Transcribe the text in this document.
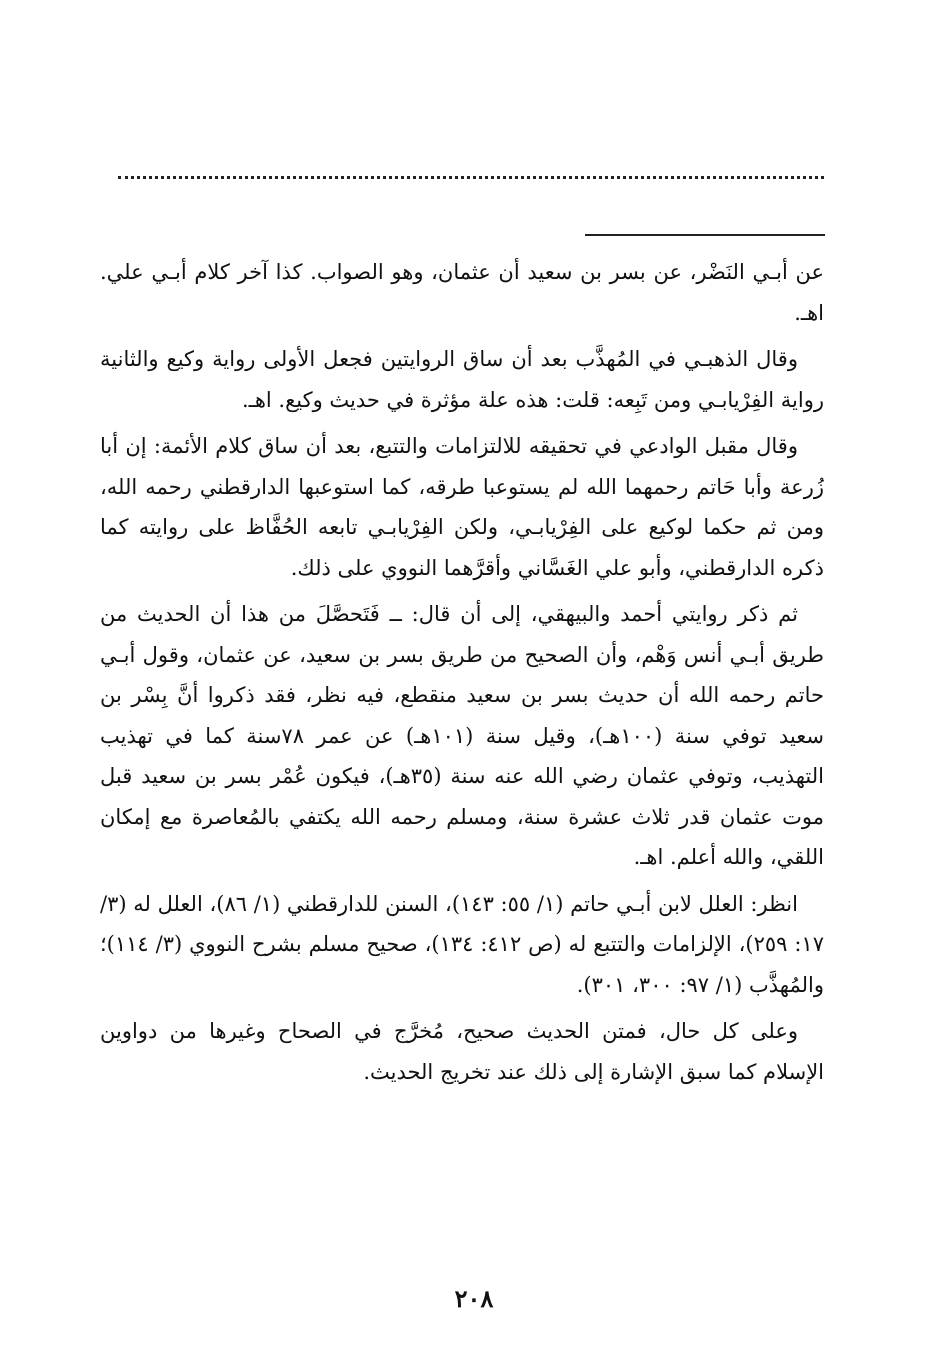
عن أبـي النَضْر، عن بسر بن سعيد أن عثمان، وهو الصواب. كذا آخر كلام أبـي علي. اهـ.

وقال الذهبـي في المُهذَّب بعد أن ساق الروايتين فجعل الأولى رواية وكيع والثانية رواية الفِرْيابـي ومن تَبِعه: قلت: هذه علة مؤثرة في حديث وكيع. اهـ.

وقال مقبل الوادعي في تحقيقه للالتزامات والتتبع، بعد أن ساق كلام الأئمة: إن أبا زُرعة وأبا حَاتم رحمهما الله لم يستوعبا طرقه، كما استوعبها الدارقطني رحمه الله، ومن ثم حكما لوكيع على الفِرْيابـي، ولكن الفِرْيابـي تابعه الحُفَّاظ على روايته كما ذكره الدارقطني، وأبو علي الغَسَّاني وأقرَّهما النووي على ذلك.

ثم ذكر روايتي أحمد والبيهقي، إلى أن قال: ــ فَتَحصَّلَ من هذا أن الحديث من طريق أبـي أنس وَهْم، وأن الصحيح من طريق بسر بن سعيد، عن عثمان، وقول أبـي حاتم رحمه الله أن حديث بسر بن سعيد منقطع، فيه نظر، فقد ذكروا أنَّ بِسْر بن سعيد توفي سنة (١٠٠هـ)، وقيل سنة (١٠١هـ) عن عمر ٧٨سنة كما في تهذيب التهذيب، وتوفي عثمان رضي الله عنه سنة (٣٥هـ)، فيكون عُمْر بسر بن سعيد قبل موت عثمان قدر ثلاث عشرة سنة، ومسلم رحمه الله يكتفي بالمُعاصرة مع إمكان اللقي، والله أعلم. اهـ.

انظر: العلل لابن أبـي حاتم (١/ ٥٥: ١٤٣)، السنن للدارقطني (١/ ٨٦)، العلل له (٣/ ١٧: ٢٥٩)، الإلزامات والتتبع له (ص ٤١٢: ١٣٤)، صحيح مسلم بشرح النووي (٣/ ١١٤)؛ والمُهذَّب (١/ ٩٧: ٣٠٠، ٣٠١).

وعلى كل حال، فمتن الحديث صحيح، مُخرَّج في الصحاح وغيرها من دواوين الإسلام كما سبق الإشارة إلى ذلك عند تخريج الحديث.

٢٠٨
